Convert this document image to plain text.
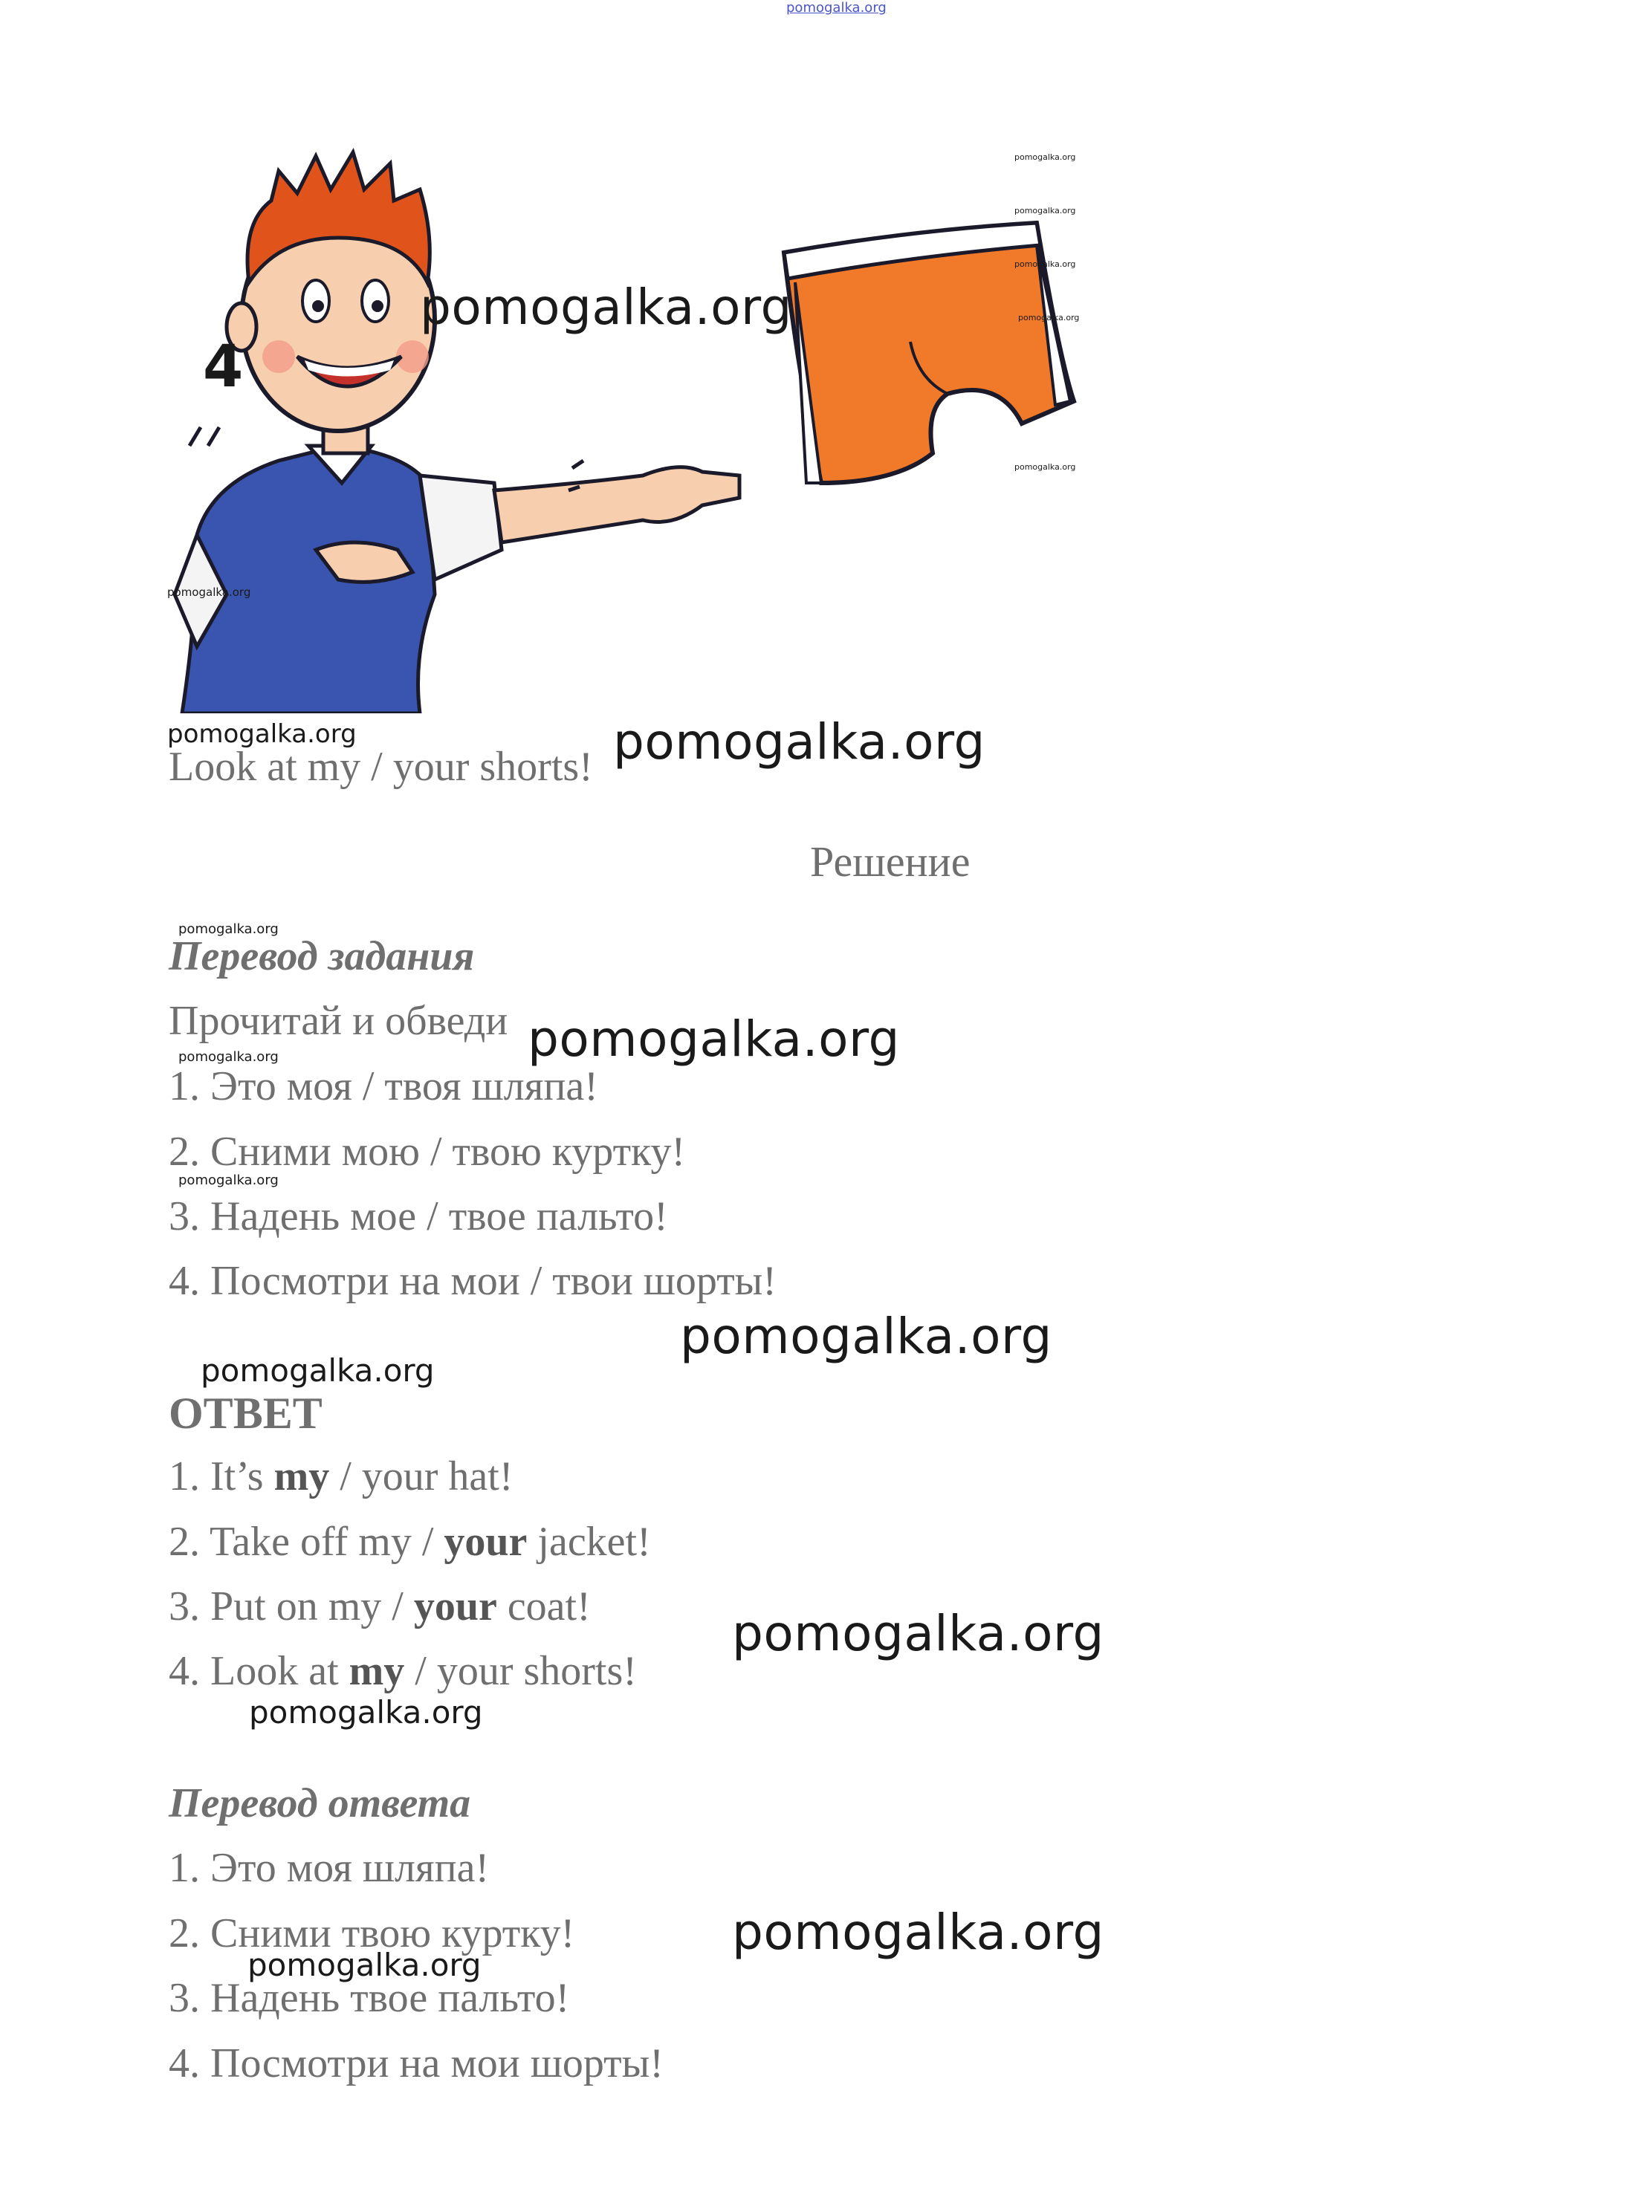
pomogalka.org
4
pomogalka.org
pomogalka.org
pomogalka.org
pomogalka.org
pomogalka.org
pomogalka.org
pomogalka.org
pomogalka.org
Look at my / your shorts! pomogalka.org
Решение
pomogalka.org
Перевод задания
Прочитай и обведи pomogalka.org
pomogalka.org
1. Это моя / твоя шляпа!
2. Сними мою / твою куртку!
pomogalka.org
3. Надень мое / твое пальто!
4. Посмотри на мои / твои шорты!
pomogalka.org
pomogalka.org
ОТВЕТ
1. It’s my / your hat!
2. Take off my / your jacket!
3. Put on my / your coat!	pomogalka.org
4. Look at my / your shorts!
pomogalka.org
Перевод ответа
1. Это моя шляпа!
2. Сними твою куртку!	pomogalka.org
pomogalka.org
3. Надень твое пальто!
4. Посмотри на мои шорты!
